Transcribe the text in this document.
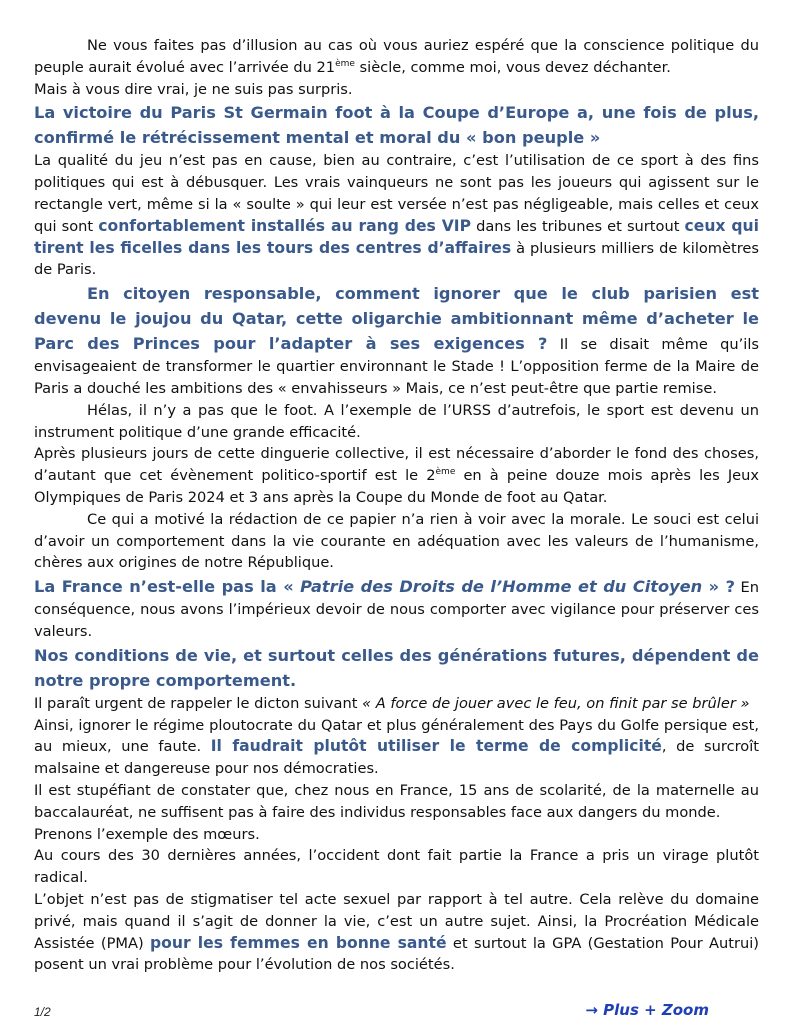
Ne vous faites pas d’illusion au cas où vous auriez espéré que la conscience politique du peuple aurait évolué avec l’arrivée du 21ème siècle, comme moi, vous devez déchanter.

Mais à vous dire vrai, je ne suis pas surpris.

La victoire du Paris St Germain foot à la Coupe d’Europe a, une fois de plus, confirmé le rétrécissement mental et moral du « bon peuple »

La qualité du jeu n’est pas en cause, bien au contraire, c’est l’utilisation de ce sport à des fins politiques qui est à débusquer. Les vrais vainqueurs ne sont pas les joueurs qui agissent sur le rectangle vert, même si la « soulte » qui leur est versée n’est pas négligeable, mais celles et ceux qui sont confortablement installés au rang des VIP dans les tribunes et surtout ceux qui tirent les ficelles dans les tours des centres d’affaires à plusieurs milliers de kilomètres de Paris.

En citoyen responsable, comment ignorer que le club parisien est devenu le joujou du Qatar, cette oligarchie ambitionnant même d’acheter le Parc des Princes pour l’adapter à ses exigences ? Il se disait même qu’ils envisageaient de transformer le quartier environnant le Stade ! L’opposition ferme de la Maire de Paris a douché les ambitions des « envahisseurs » Mais, ce n’est peut-être que partie remise.

Hélas, il n’y a pas que le foot. A l’exemple de l’URSS d’autrefois, le sport est devenu un instrument politique d’une grande efficacité.

Après plusieurs jours de cette dinguerie collective, il est nécessaire d’aborder le fond des choses, d’autant que cet évènement politico-sportif est le 2ème en à peine douze mois après les Jeux Olympiques de Paris 2024 et 3 ans après la Coupe du Monde de foot au Qatar.

Ce qui a motivé la rédaction de ce papier n’a rien à voir avec la morale. Le souci est celui d’avoir un comportement dans la vie courante en adéquation avec les valeurs de l’humanisme, chères aux origines de notre République.

La France n’est-elle pas la « Patrie des Droits de l’Homme et du Citoyen » ? En conséquence, nous avons l’impérieux devoir de nous comporter avec vigilance pour préserver ces valeurs.

Nos conditions de vie, et surtout celles des générations futures, dépendent de notre propre comportement.

Il paraît urgent de rappeler le dicton suivant « A force de jouer avec le feu, on finit par se brûler »

Ainsi, ignorer le régime ploutocrate du Qatar et plus généralement des Pays du Golfe persique est, au mieux, une faute. Il faudrait plutôt utiliser le terme de complicité, de surcroît malsaine et dangereuse pour nos démocraties.

Il est stupéfiant de constater que, chez nous en France, 15 ans de scolarité, de la maternelle au baccalauréat, ne suffisent pas à faire des individus responsables face aux dangers du monde.

Prenons l’exemple des mœurs.

Au cours des 30 dernières années, l’occident dont fait partie la France a pris un virage plutôt radical.

L’objet n’est pas de stigmatiser tel acte sexuel par rapport à tel autre. Cela relève du domaine privé, mais quand il s’agit de donner la vie, c’est un autre sujet. Ainsi, la Procréation Médicale Assistée (PMA) pour les femmes en bonne santé et surtout la GPA (Gestation Pour Autrui) posent un vrai problème pour l’évolution de nos sociétés.

1/2	→ Plus + Zoom
